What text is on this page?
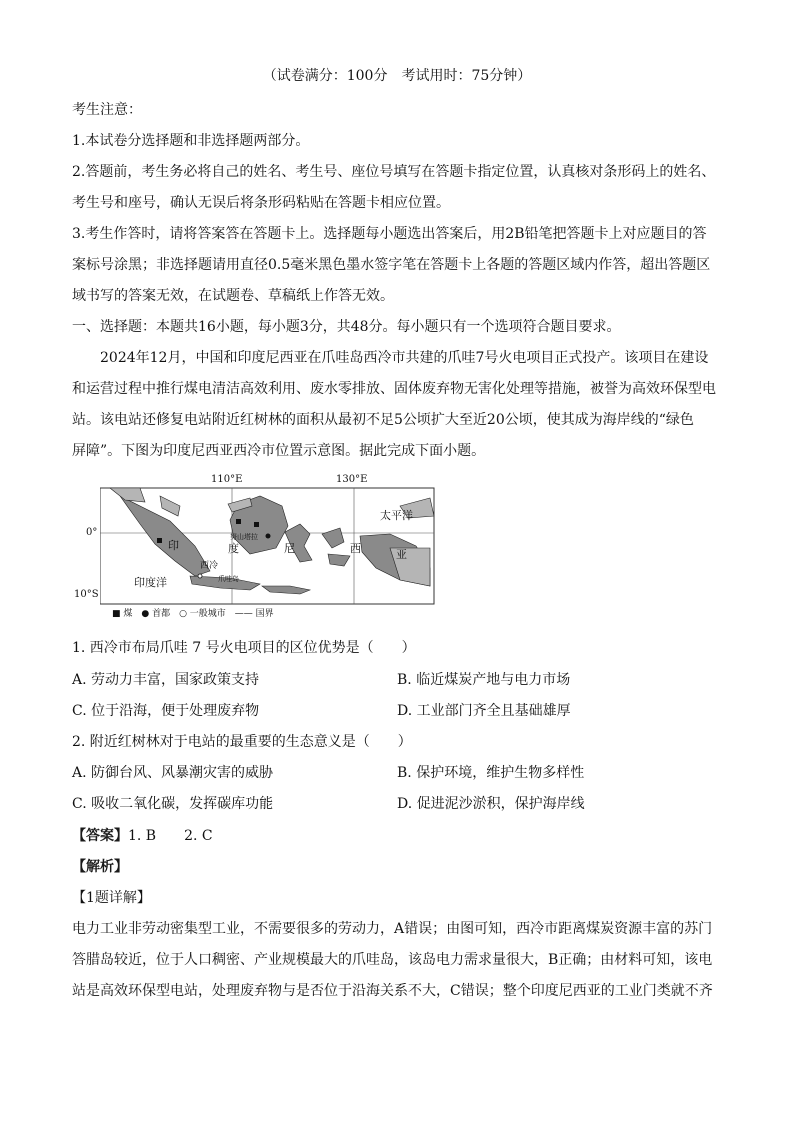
（试卷满分：100分　考试用时：75分钟）
考生注意：
1.本试卷分选择题和非选择题两部分。
2.答题前，考生务必将自己的姓名、考生号、座位号填写在答题卡指定位置，认真核对条形码上的姓名、
考生号和座号，确认无误后将条形码粘贴在答题卡相应位置。
3.考生作答时，请将答案答在答题卡上。选择题每小题选出答案后，用2B铅笔把答题卡上对应题目的答
案标号涂黑；非选择题请用直径0.5毫米黑色墨水签字笔在答题卡上各题的答题区域内作答，超出答题区
域书写的答案无效，在试题卷、草稿纸上作答无效。
一、选择题：本题共16小题，每小题3分，共48分。每小题只有一个选项符合题目要求。
2024年12月，中国和印度尼西亚在爪哇岛西冷市共建的爪哇7号火电项目正式投产。该项目在建设
和运营过程中推行煤电清洁高效利用、废水零排放、固体废弃物无害化处理等措施，被誉为高效环保型电
站。该电站还修复电站附近红树林的面积从最初不足5公顷扩大至近20公顷，使其成为海岸线的“绿色
屏障”。下图为印度尼西亚西冷市位置示意图。据此完成下面小题。
110°E	130°E
0°
10°S
太平洋
印度洋
印	度	尼	西	亚
西冷
爪哇岛
努山塔拉
■ 煤　● 首都　○ 一般城市　—— 国界
1. 西冷市布局爪哇 7 号火电项目的区位优势是（　　）
A. 劳动力丰富，国家政策支持	B. 临近煤炭产地与电力市场
C. 位于沿海，便于处理废弃物	D. 工业部门齐全且基础雄厚
2. 附近红树林对于电站的最重要的生态意义是（　　）
A. 防御台风、风暴潮灾害的威胁	B. 保护环境，维护生物多样性
C. 吸收二氧化碳，发挥碳库功能	D. 促进泥沙淤积，保护海岸线
【答案】1. B　　2. C
【解析】
【1题详解】
电力工业非劳动密集型工业，不需要很多的劳动力，A错误；由图可知，西冷市距离煤炭资源丰富的苏门
答腊岛较近，位于人口稠密、产业规模最大的爪哇岛，该岛电力需求量很大，B正确；由材料可知，该电
站是高效环保型电站，处理废弃物与是否位于沿海关系不大，C错误；整个印度尼西亚的工业门类就不齐
